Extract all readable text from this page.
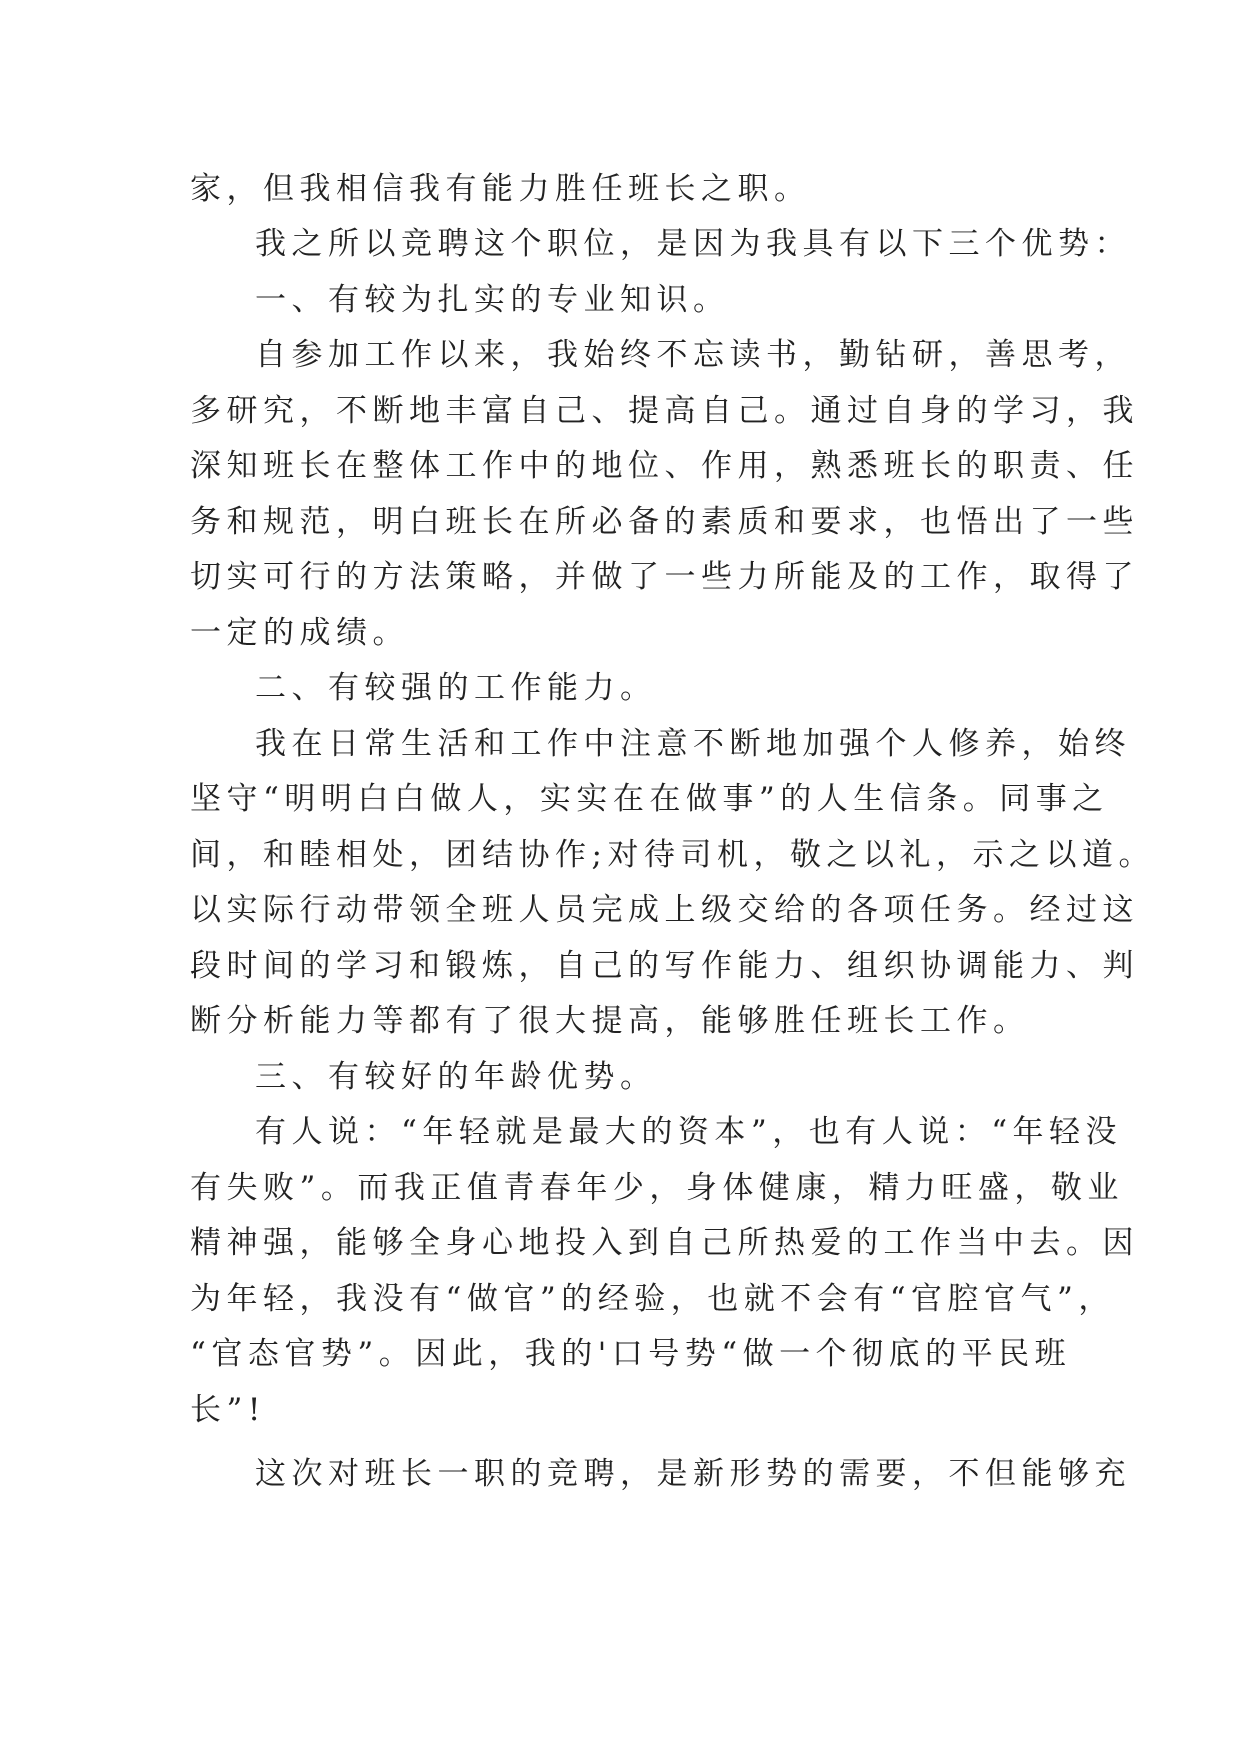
家，但我相信我有能力胜任班长之职。
我之所以竞聘这个职位，是因为我具有以下三个优势：
一、有较为扎实的专业知识。
自参加工作以来，我始终不忘读书，勤钻研，善思考，
多研究，不断地丰富自己、提高自己。通过自身的学习，我
深知班长在整体工作中的地位、作用，熟悉班长的职责、任
务和规范，明白班长在所必备的素质和要求，也悟出了一些
切实可行的方法策略，并做了一些力所能及的工作，取得了
一定的成绩。
二、有较强的工作能力。
我在日常生活和工作中注意不断地加强个人修养，始终
坚守“明明白白做人，实实在在做事”的人生信条。同事之
间，和睦相处，团结协作;对待司机，敬之以礼，示之以道。
以实际行动带领全班人员完成上级交给的各项任务。经过这
段时间的学习和锻炼，自己的写作能力、组织协调能力、判
断分析能力等都有了很大提高，能够胜任班长工作。
三、有较好的年龄优势。
有人说：“年轻就是最大的资本”，也有人说：“年轻没
有失败”。而我正值青春年少，身体健康，精力旺盛，敬业
精神强，能够全身心地投入到自己所热爱的工作当中去。因
为年轻，我没有“做官”的经验，也就不会有“官腔官气”，
“官态官势”。因此，我的'口号势“做一个彻底的平民班
长”!
这次对班长一职的竞聘，是新形势的需要，不但能够充
